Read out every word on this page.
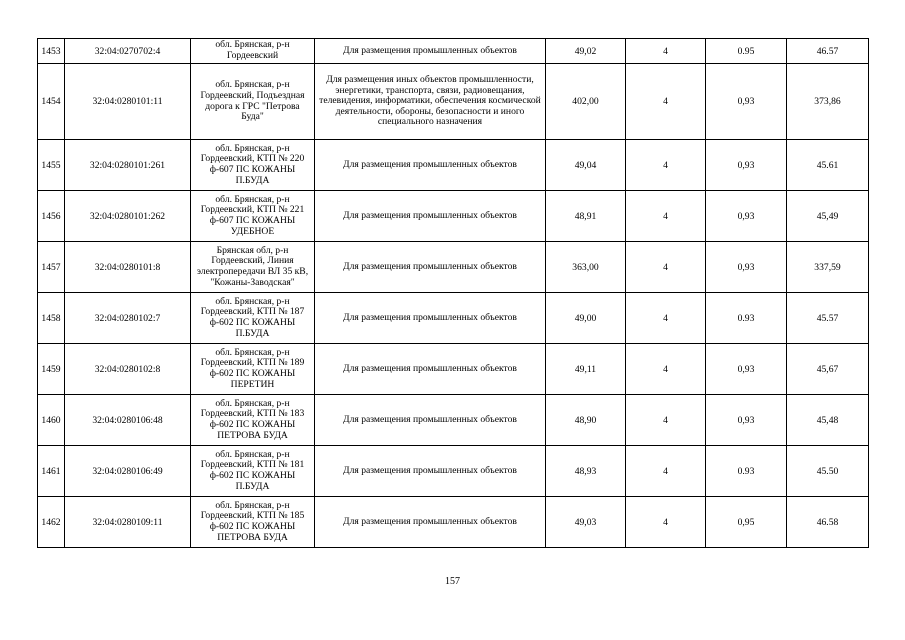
1453	32:04:0270702:4	обл. Брянская, р-н Гордеевский	Для размещения промышленных объектов	49,02	4	0.95	46.57
1454	32:04:0280101:11	обл. Брянская, р-н Гордеевский, Подъездная дорога к ГРС "Петрова Буда"	Для размещения иных объектов промышленности, энергетики, транспорта, связи, радиовещания, телевидения, информатики, обеспечения космической деятельности, обороны, безопасности и иного специального назначения	402,00	4	0,93	373,86
1455	32:04:0280101:261	обл. Брянская, р-н Гордеевский, КТП № 220 ф-607 ПС КОЖАНЫ П.БУДА	Для размещения промышленных объектов	49,04	4	0,93	45.61
1456	32:04:0280101:262	обл. Брянская, р-н Гордеевский, КТП № 221 ф-607 ПС КОЖАНЫ УДЕБНОЕ	Для размещения промышленных объектов	48,91	4	0,93	45,49
1457	32:04:0280101:8	Брянская обл, р-н Гордеевский, Линия электропередачи ВЛ 35 кВ, "Кожаны-Заводская"	Для размещения промышленных объектов	363,00	4	0,93	337,59
1458	32:04:0280102:7	обл. Брянская, р-н Гордеевский, КТП № 187 ф-602 ПС КОЖАНЫ П.БУДА	Для размещения промышленных объектов	49,00	4	0.93	45.57
1459	32:04:0280102:8	обл. Брянская, р-н Гордеевский, КТП № 189 ф-602 ПС КОЖАНЫ ПЕРЕТИН	Для размещения промышленных объектов	49,11	4	0,93	45,67
1460	32:04:0280106:48	обл. Брянская, р-н Гордеевский, КТП № 183 ф-602 ПС КОЖАНЫ ПЕТРОВА БУДА	Для размещения промышленных объектов	48,90	4	0,93	45,48
1461	32:04:0280106:49	обл. Брянская, р-н Гордеевский, КТП № 181 ф-602 ПС КОЖАНЫ П.БУДА	Для размещения промышленных объектов	48,93	4	0.93	45.50
1462	32:04:0280109:11	обл. Брянская, р-н Гордеевский, КТП № 185 ф-602 ПС КОЖАНЫ ПЕТРОВА БУДА	Для размещения промышленных объектов	49,03	4	0,95	46.58
157
